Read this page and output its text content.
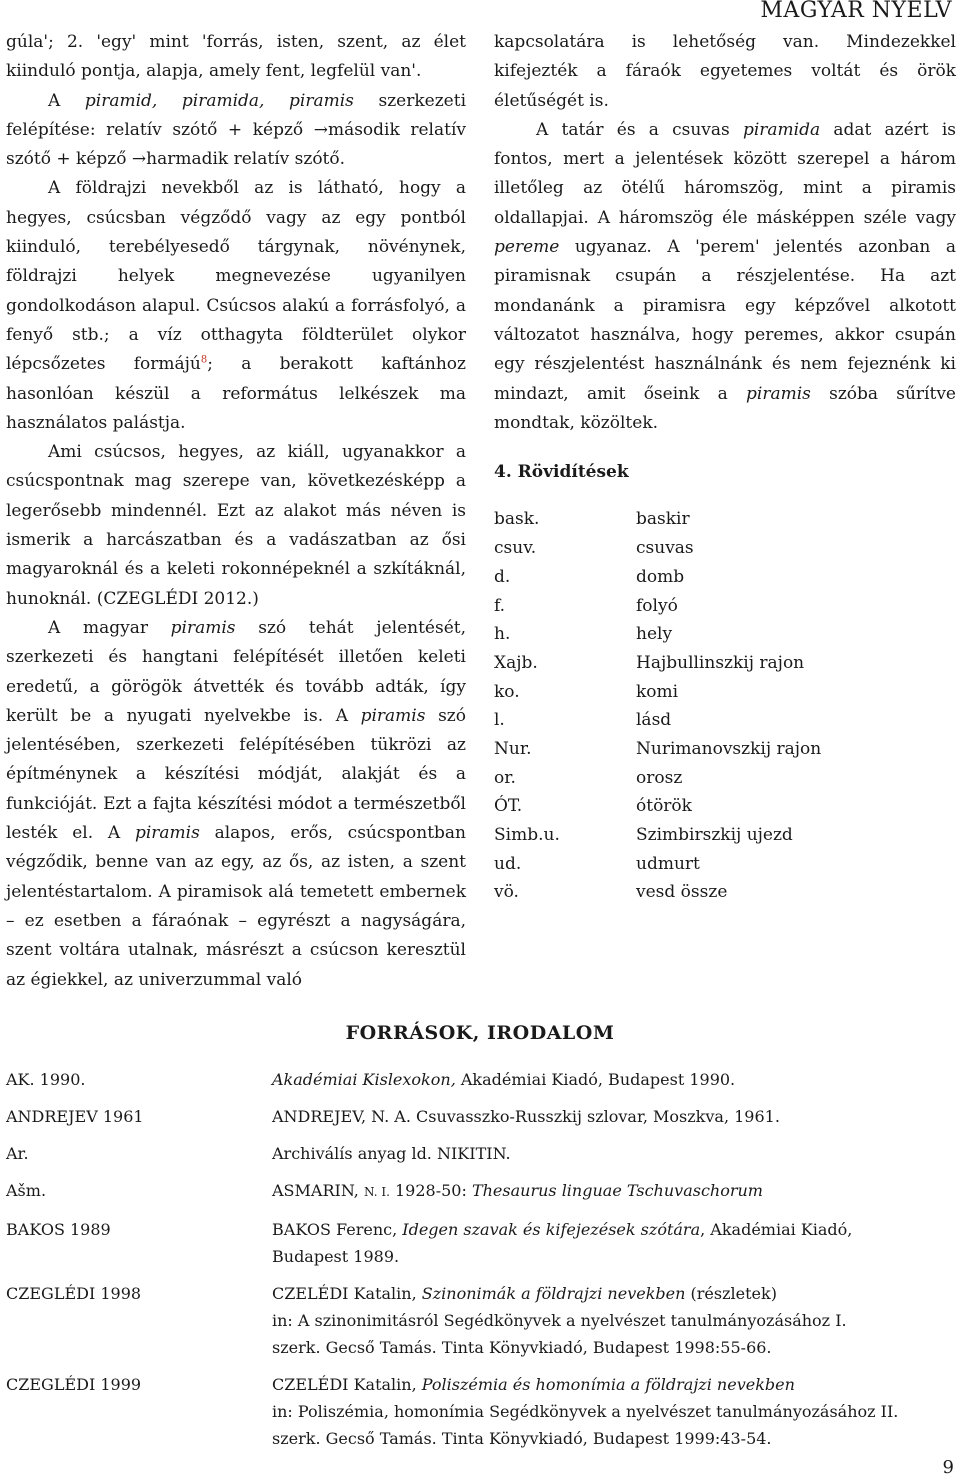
MAGYAR NYELV

gúla'; 2. 'egy' mint 'forrás, isten, szent, az élet kiinduló pontja, alapja, amely fent, legfelül van'.

A piramid, piramida, piramis szerkezeti felépítése: relatív szótő + képző →második relatív szótő + képző →harmadik relatív szótő.

A földrajzi nevekből az is látható, hogy a hegyes, csúcsban végződő vagy az egy pontból kiinduló, terebélyesedő tárgynak, növénynek, földrajzi helyek megnevezése ugyanilyen gondolkodáson alapul. Csúcsos alakú a forrásfolyó, a fenyő stb.; a víz otthagyta földterület olykor lépcsőzetes formájú$^8$; a berakott kaftánhoz hasonlóan készül a református lelkészek ma használatos palástja.

Ami csúcsos, hegyes, az kiáll, ugyanakkor a csúcspontnak mag szerepe van, következésképp a legerősebb mindennél. Ezt az alakot más néven is ismerik a harcászatban és a vadászatban az ősi magyaroknál és a keleti rokonnépeknél a szkítáknál, hunoknál. (CZEGLÉDI 2012.)

A magyar piramis szó tehát jelentését, szerkezeti és hangtani felépítését illetően keleti eredetű, a görögök átvették és tovább adták, így került be a nyugati nyelvekbe is. A piramis szó jelentésében, szerkezeti felépítésében tükrözi az építménynek a készítési módját, alakját és a funkcióját. Ezt a fajta készítési módot a természetből lesték el. A piramis alapos, erős, csúcspontban végződik, benne van az egy, az ős, az isten, a szent jelentéstartalom. A piramisok alá temetett embernek – ez esetben a fáraónak – egyrészt a nagyságára, szent voltára utalnak, másrészt a csúcson keresztül az égiekkel, az univerzummal való

kapcsolatára is lehetőség van. Mindezekkel kifejezték a fáraók egyetemes voltát és örök életűségét is.

A tatár és a csuvas piramida adat azért is fontos, mert a jelentések között szerepel a három illetőleg az ötélű háromszög, mint a piramis oldallapjai. A háromszög éle másképpen széle vagy pereme ugyanaz. A 'perem' jelentés azonban a piramisnak csupán a részjelentése. Ha azt mondanánk a piramisra egy képzővel alkotott változatot használva, hogy peremes, akkor csupán egy részjelentést használnánk és nem fejeznénk ki mindazt, amit őseink a piramis szóba sűrítve mondtak, közöltek.

4. Rövidítések
bask.	baskir
csuv.	csuvas
d.	domb
f.	folyó
h.	hely
Xajb.	Hajbullinszkij rajon
ko.	komi
l.	lásd
Nur.	Nurimanovszkij rajon
or.	orosz
ÓT.	ótörök
Simb.u.	Szimbirszkij ujezd
ud.	udmurt
vö.	vesd össze
FORRÁSOK, IRODALOM
AK. 1990.	Akadémiai Kislexokon, Akadémiai Kiadó, Budapest 1990.
ANDREJEV 1961	ANDREJEV, N. A. Csuvasszko-Russzkij szlovar, Moszkva, 1961.
Ar.	Archiválís anyag ld. NIKITIN.
Ašm.	ASMARIN, N. I. 1928-50: Thesaurus linguae Tschuvaschorum
BAKOS 1989	BAKOS Ferenc, Idegen szavak és kifejezések szótára, Akadémiai Kiadó, Budapest 1989.
CZEGLÉDI 1998	CZELÉDI Katalin, Szinonimák a földrajzi nevekben (részletek)
in: A szinonimitásról Segédkönyvek a nyelvészet tanulmányozásához I.
szerk. Gecső Tamás. Tinta Könyvkiadó, Budapest 1998:55-66.
CZEGLÉDI 1999	CZELÉDI Katalin, Poliszémia és homonímia a földrajzi nevekben
in: Poliszémia, homonímia Segédkönyvek a nyelvészet tanulmányozásához II.
szerk. Gecső Tamás. Tinta Könyvkiadó, Budapest 1999:43-54.
9
